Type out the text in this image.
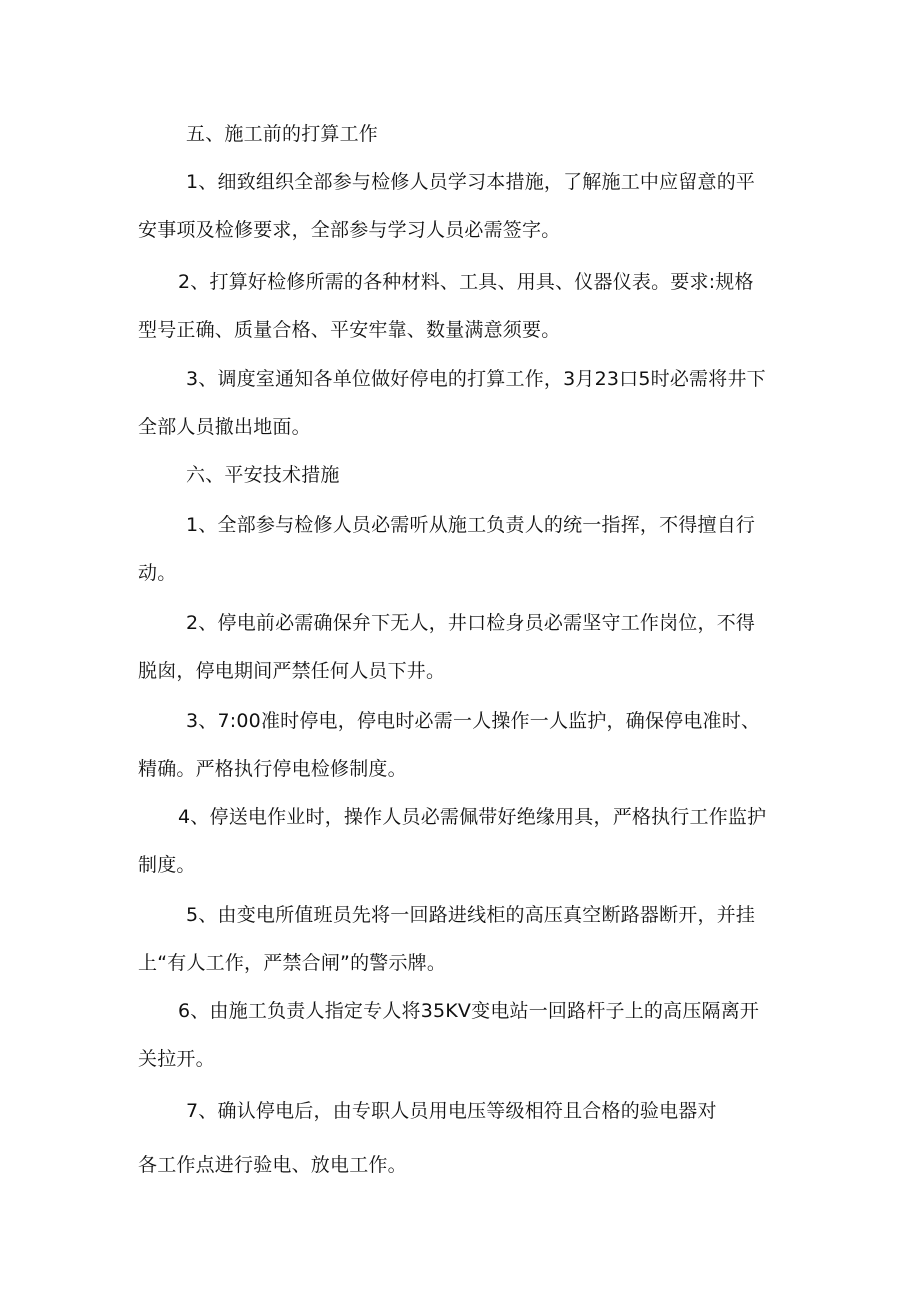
五、施工前的打算工作
1、细致组织全部参与检修人员学习本措施，了解施工中应留意的平
安事项及检修要求，全部参与学习人员必需签字。
2、打算好检修所需的各种材料、工具、用具、仪器仪表。要求:规格
型号正确、质量合格、平安牢靠、数量满意须要。
3、调度室通知各单位做好停电的打算工作，3月23口5时必需将井下
全部人员撤出地面。
六、平安技术措施
1、全部参与检修人员必需听从施工负责人的统一指挥，不得擅自行
动。
2、停电前必需确保弁下无人，井口检身员必需坚守工作岗位，不得
脱囱，停电期间严禁任何人员下井。
3、7:00准时停电，停电时必需一人操作一人监护，确保停电准时、
精确。严格执行停电检修制度。
4、停送电作业时，操作人员必需佩带好绝缘用具，严格执行工作监护
制度。
5、由变电所值班员先将一回路进线柜的高压真空断路器断开，并挂
上“有人工作，严禁合闸”的警示牌。
6、由施工负责人指定专人将35KV变电站一回路杆子上的高压隔离开
关拉开。
7、确认停电后，由专职人员用电压等级相符且合格的验电器对
各工作点进行验电、放电工作。
